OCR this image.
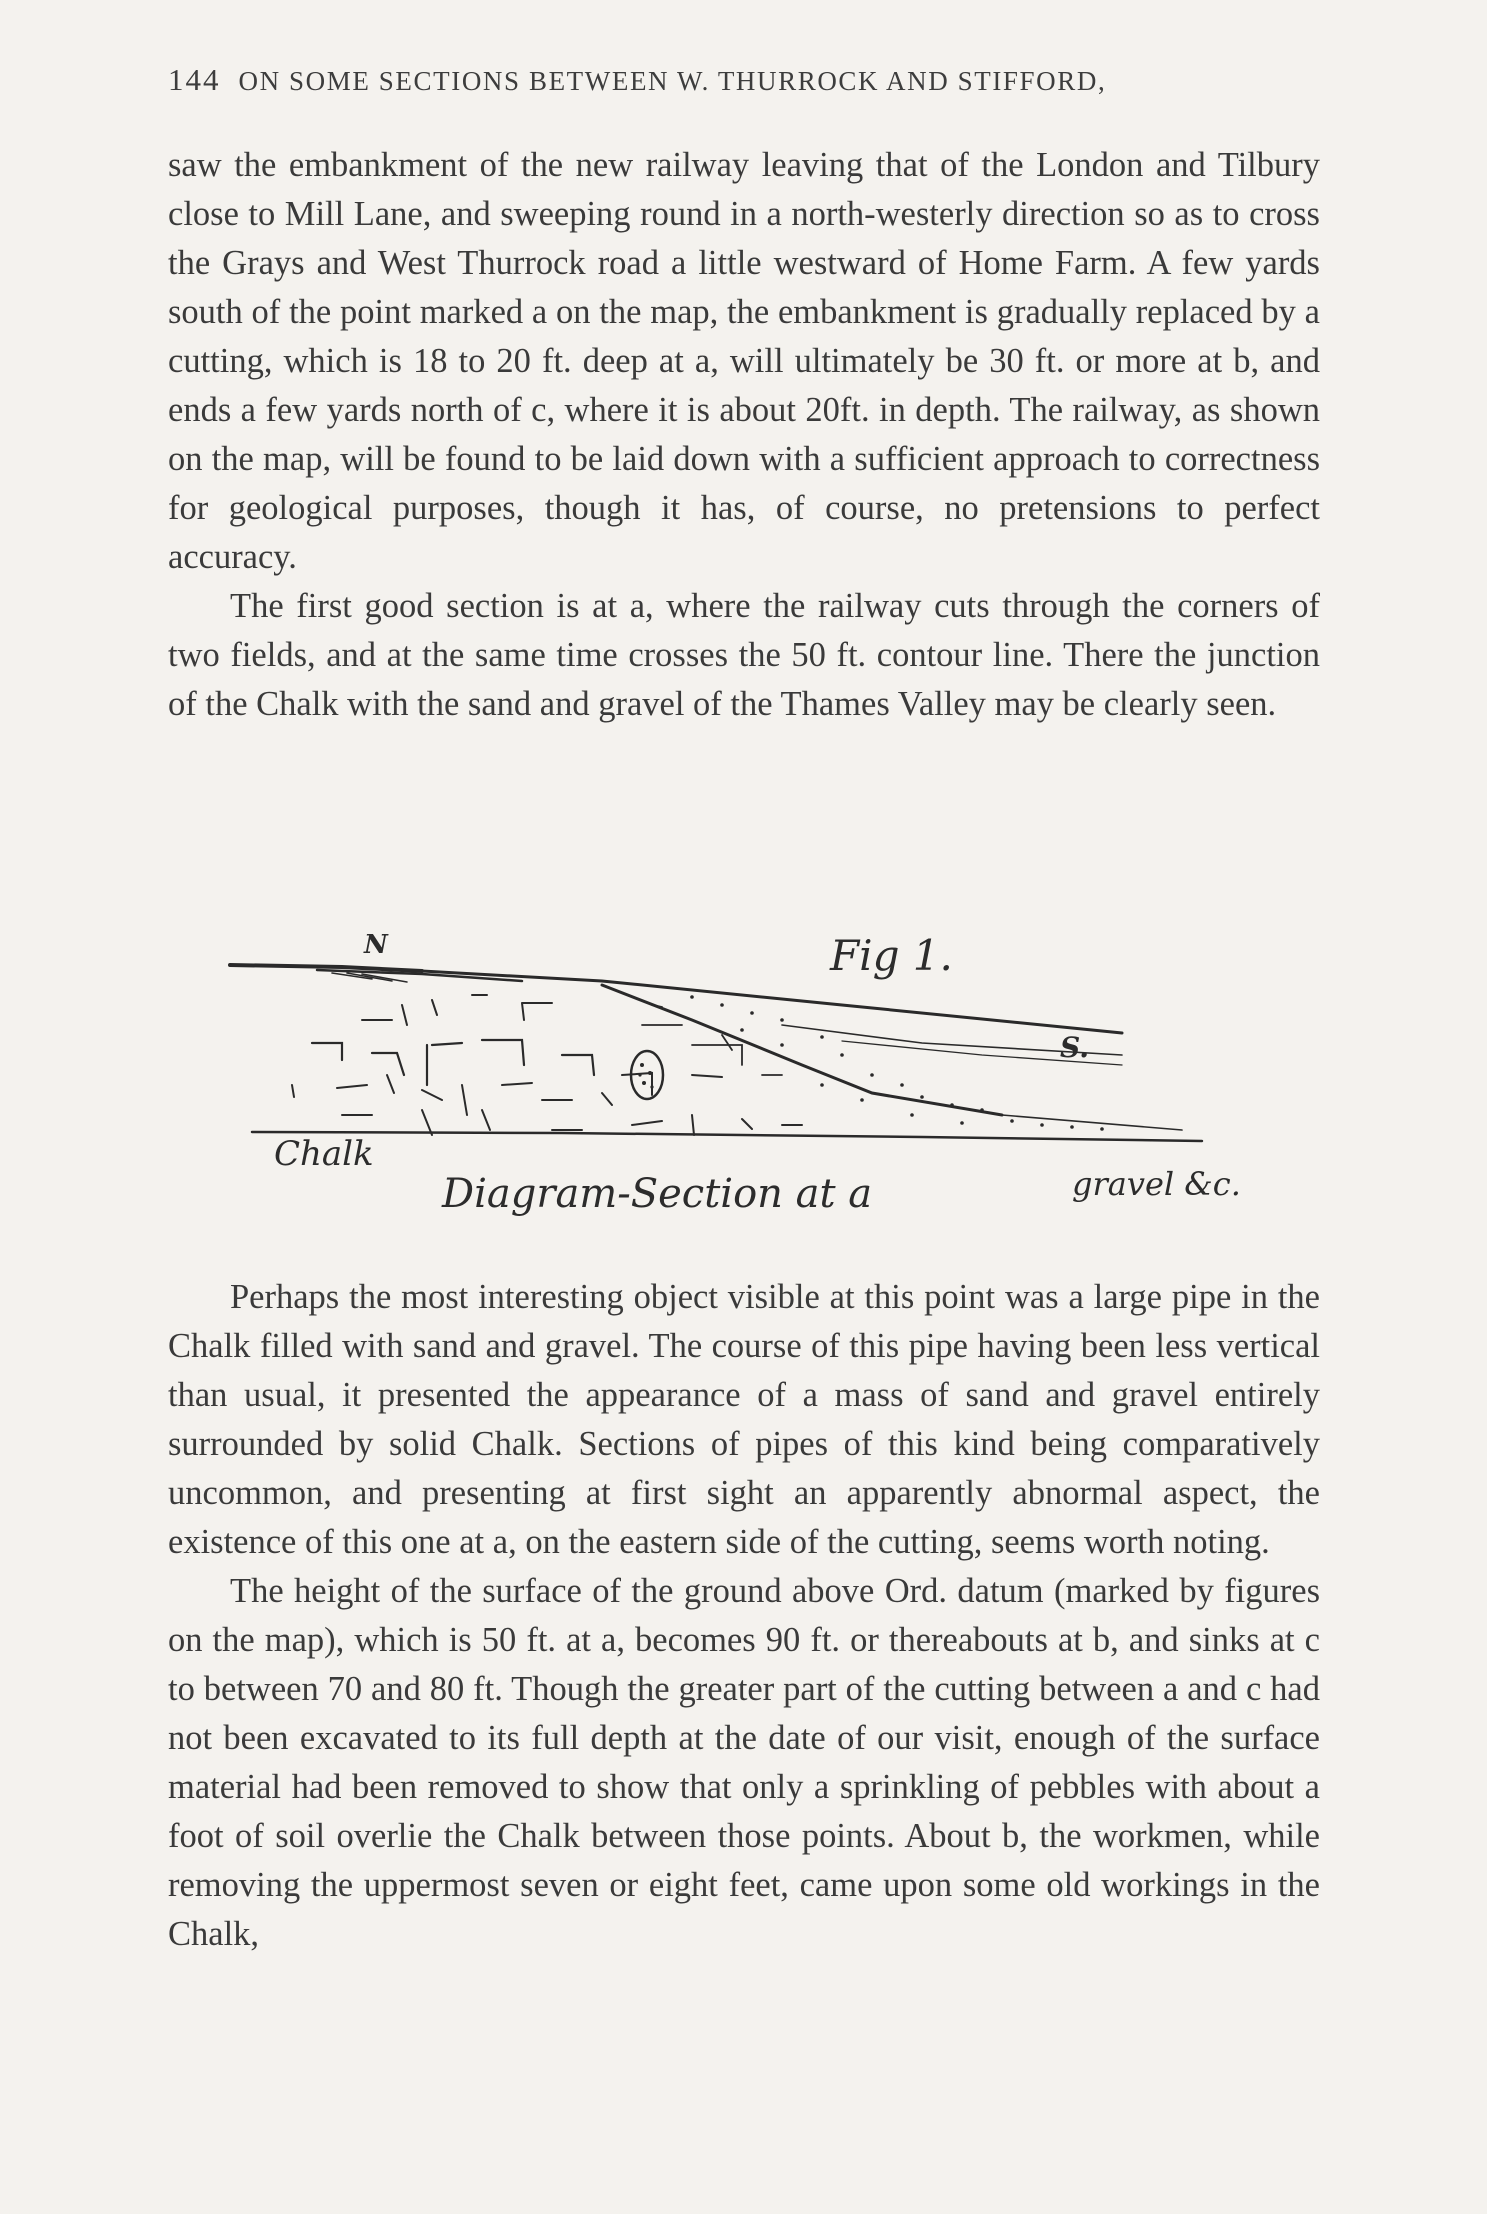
144 ON SOME SECTIONS BETWEEN W. THURROCK AND STIFFORD,

saw the embankment of the new railway leaving that of the London and Tilbury close to Mill Lane, and sweeping round in a north-westerly direction so as to cross the Grays and West Thurrock road a little westward of Home Farm. A few yards south of the point marked a on the map, the embankment is gradually replaced by a cutting, which is 18 to 20 ft. deep at a, will ultimately be 30 ft. or more at b, and ends a few yards north of c, where it is about 20ft. in depth. The railway, as shown on the map, will be found to be laid down with a sufficient approach to correctness for geological purposes, though it has, of course, no pretensions to perfect accuracy.

The first good section is at a, where the railway cuts through the corners of two fields, and at the same time crosses the 50 ft. contour line. There the junction of the Chalk with the sand and gravel of the Thames Valley may be clearly seen.

N	Fig 1.
S.
Chalk
gravel &c.
Diagram-Section at a

Perhaps the most interesting object visible at this point was a large pipe in the Chalk filled with sand and gravel. The course of this pipe having been less vertical than usual, it presented the appearance of a mass of sand and gravel entirely surrounded by solid Chalk. Sections of pipes of this kind being comparatively uncommon, and presenting at first sight an apparently abnormal aspect, the existence of this one at a, on the eastern side of the cutting, seems worth noting.

The height of the surface of the ground above Ord. datum (marked by figures on the map), which is 50 ft. at a, becomes 90 ft. or thereabouts at b, and sinks at c to between 70 and 80 ft. Though the greater part of the cutting between a and c had not been excavated to its full depth at the date of our visit, enough of the surface material had been removed to show that only a sprinkling of pebbles with about a foot of soil overlie the Chalk between those points. About b, the workmen, while removing the uppermost seven or eight feet, came upon some old workings in the Chalk,
